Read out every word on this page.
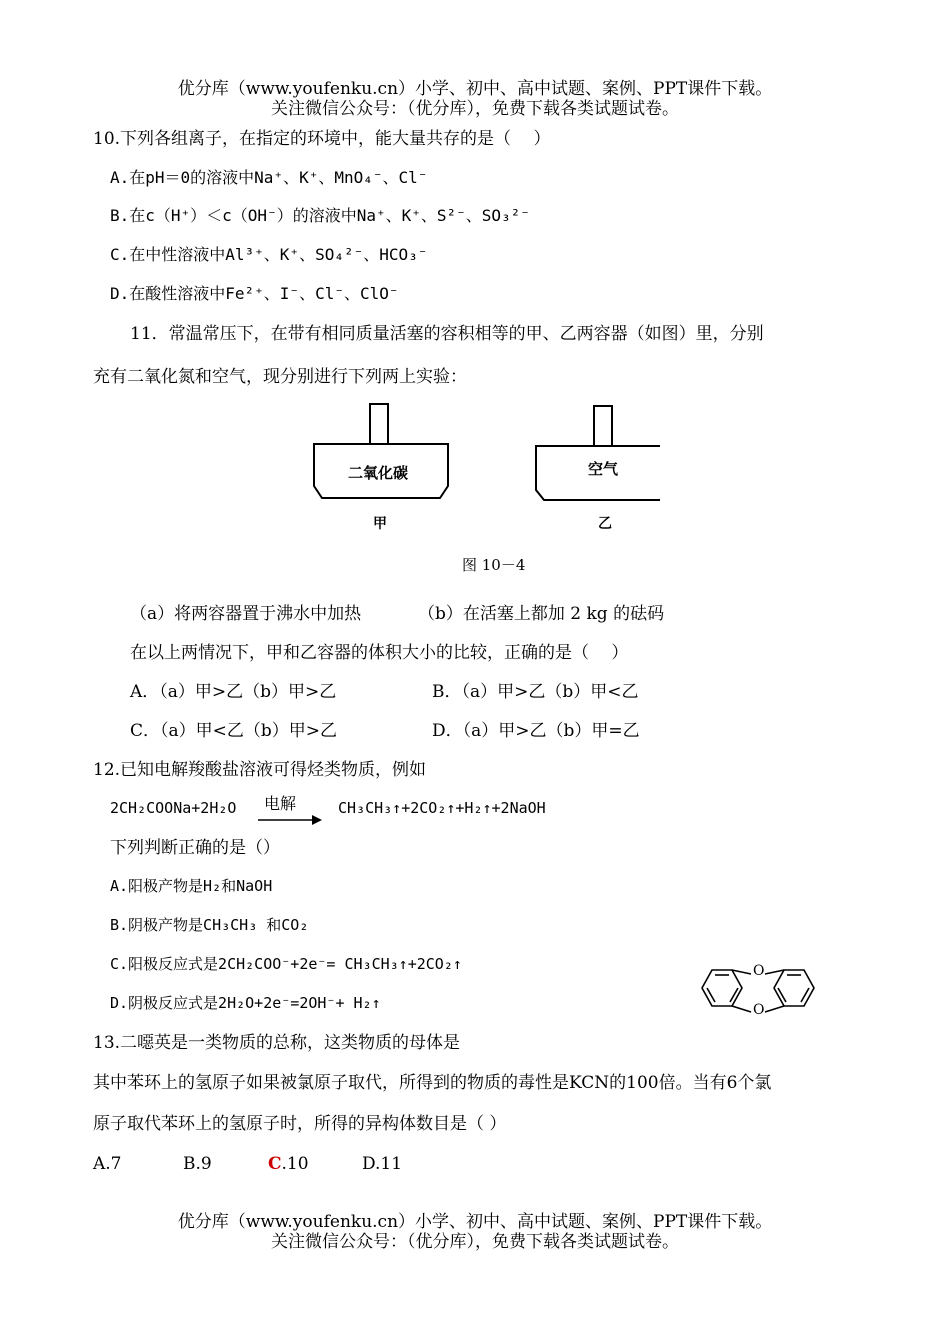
优分库（www.youfenku.cn）小学、初中、高中试题、案例、PPT课件下载。
关注微信公众号：（优分库），免费下载各类试题试卷。
10.下列各组离子，在指定的环境中，能大量共存的是（　 ）
A.在pH＝0的溶液中Na⁺、K⁺、MnO₄⁻、Cl⁻
B.在c（H⁺）＜c（OH⁻）的溶液中Na⁺、K⁺、S²⁻、SO₃²⁻
C.在中性溶液中Al³⁺、K⁺、SO₄²⁻、HCO₃⁻
D.在酸性溶液中Fe²⁺、I⁻、Cl⁻、ClO⁻
11．常温常压下，在带有相同质量活塞的容积相等的甲、乙两容器（如图）里，分别
充有二氧化氮和空气，现分别进行下列两上实验：
二氧化碳	空气
甲	乙
图 10－4
（a）将两容器置于沸水中加热	（b）在活塞上都加 2 kg 的砝码
在以上两情况下，甲和乙容器的体积大小的比较，正确的是（　 ）
A．（a）甲>乙（b）甲>乙	B．（a）甲>乙（b）甲<乙
C．（a）甲<乙（b）甲>乙	D．（a）甲>乙（b）甲=乙
12.已知电解羧酸盐溶液可得烃类物质，例如
2CH₂COONa+2H₂O 电解	CH₃CH₃↑+2CO₂↑+H₂↑+2NaOH
下列判断正确的是（）
A.阳极产物是H₂和NaOH
B.阴极产物是CH₃CH₃ 和CO₂
C.阳极反应式是2CH₂COO⁻+2e⁻= CH₃CH₃↑+2CO₂↑
D.阴极反应式是2H₂O+2e⁻=2OH⁻+ H₂↑
O
O
13.二噁英是一类物质的总称，这类物质的母体是
其中苯环上的氢原子如果被氯原子取代，所得到的物质的毒性是KCN的100倍。当有6个氯
原子取代苯环上的氢原子时，所得的异构体数目是（ ）
A.7	B.9	C.10	D.11
优分库（www.youfenku.cn）小学、初中、高中试题、案例、PPT课件下载。
关注微信公众号：（优分库），免费下载各类试题试卷。
